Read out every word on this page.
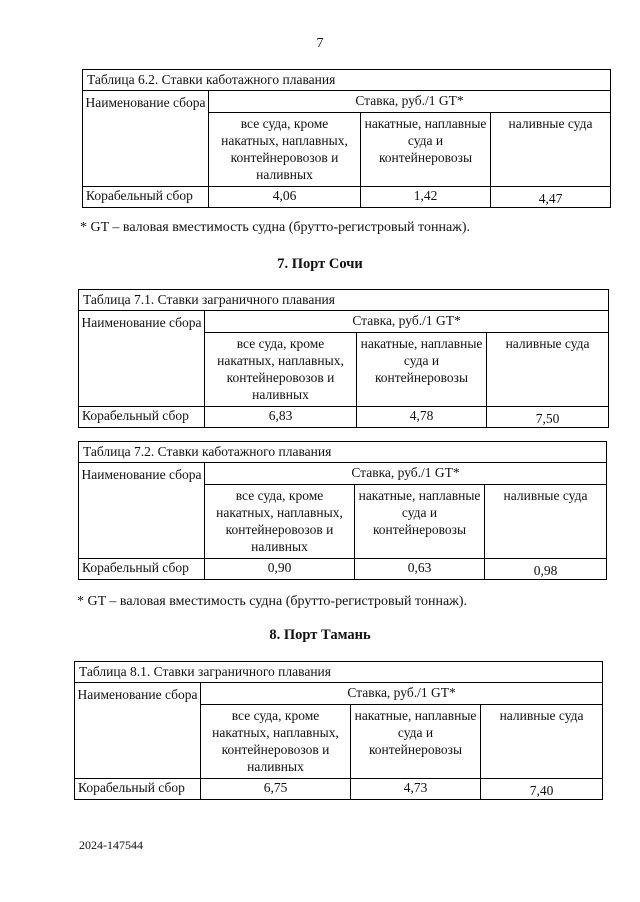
7
Таблица 6.2. Ставки каботажного плавания			
Наименование сбора	Ставка, руб./1 GT*		
	все суда, кроме накатных, наплавных, контейнеровозов и наливных	накатные, наплавные суда и контейнеровозы	наливные суда
Корабельный сбор	4,06	1,42	4,47
* GT – валовая вместимость судна (брутто-регистровый тоннаж).
7. Порт Сочи
Таблица 7.1. Ставки заграничного плавания			
Наименование сбора	Ставка, руб./1 GT*		
	все суда, кроме накатных, наплавных, контейнеровозов и наливных	накатные, наплавные суда и контейнеровозы	наливные суда
Корабельный сбор	6,83	4,78	7,50
Таблица 7.2. Ставки каботажного плавания			
Наименование сбора	Ставка, руб./1 GT*		
	все суда, кроме накатных, наплавных, контейнеровозов и наливных	накатные, наплавные суда и контейнеровозы	наливные суда
Корабельный сбор	0,90	0,63	0,98
* GT – валовая вместимость судна (брутто-регистровый тоннаж).
8. Порт Тамань
Таблица 8.1. Ставки заграничного плавания			
Наименование сбора	Ставка, руб./1 GT*		
	все суда, кроме накатных, наплавных, контейнеровозов и наливных	накатные, наплавные суда и контейнеровозы	наливные суда
Корабельный сбор	6,75	4,73	7,40
2024-147544
